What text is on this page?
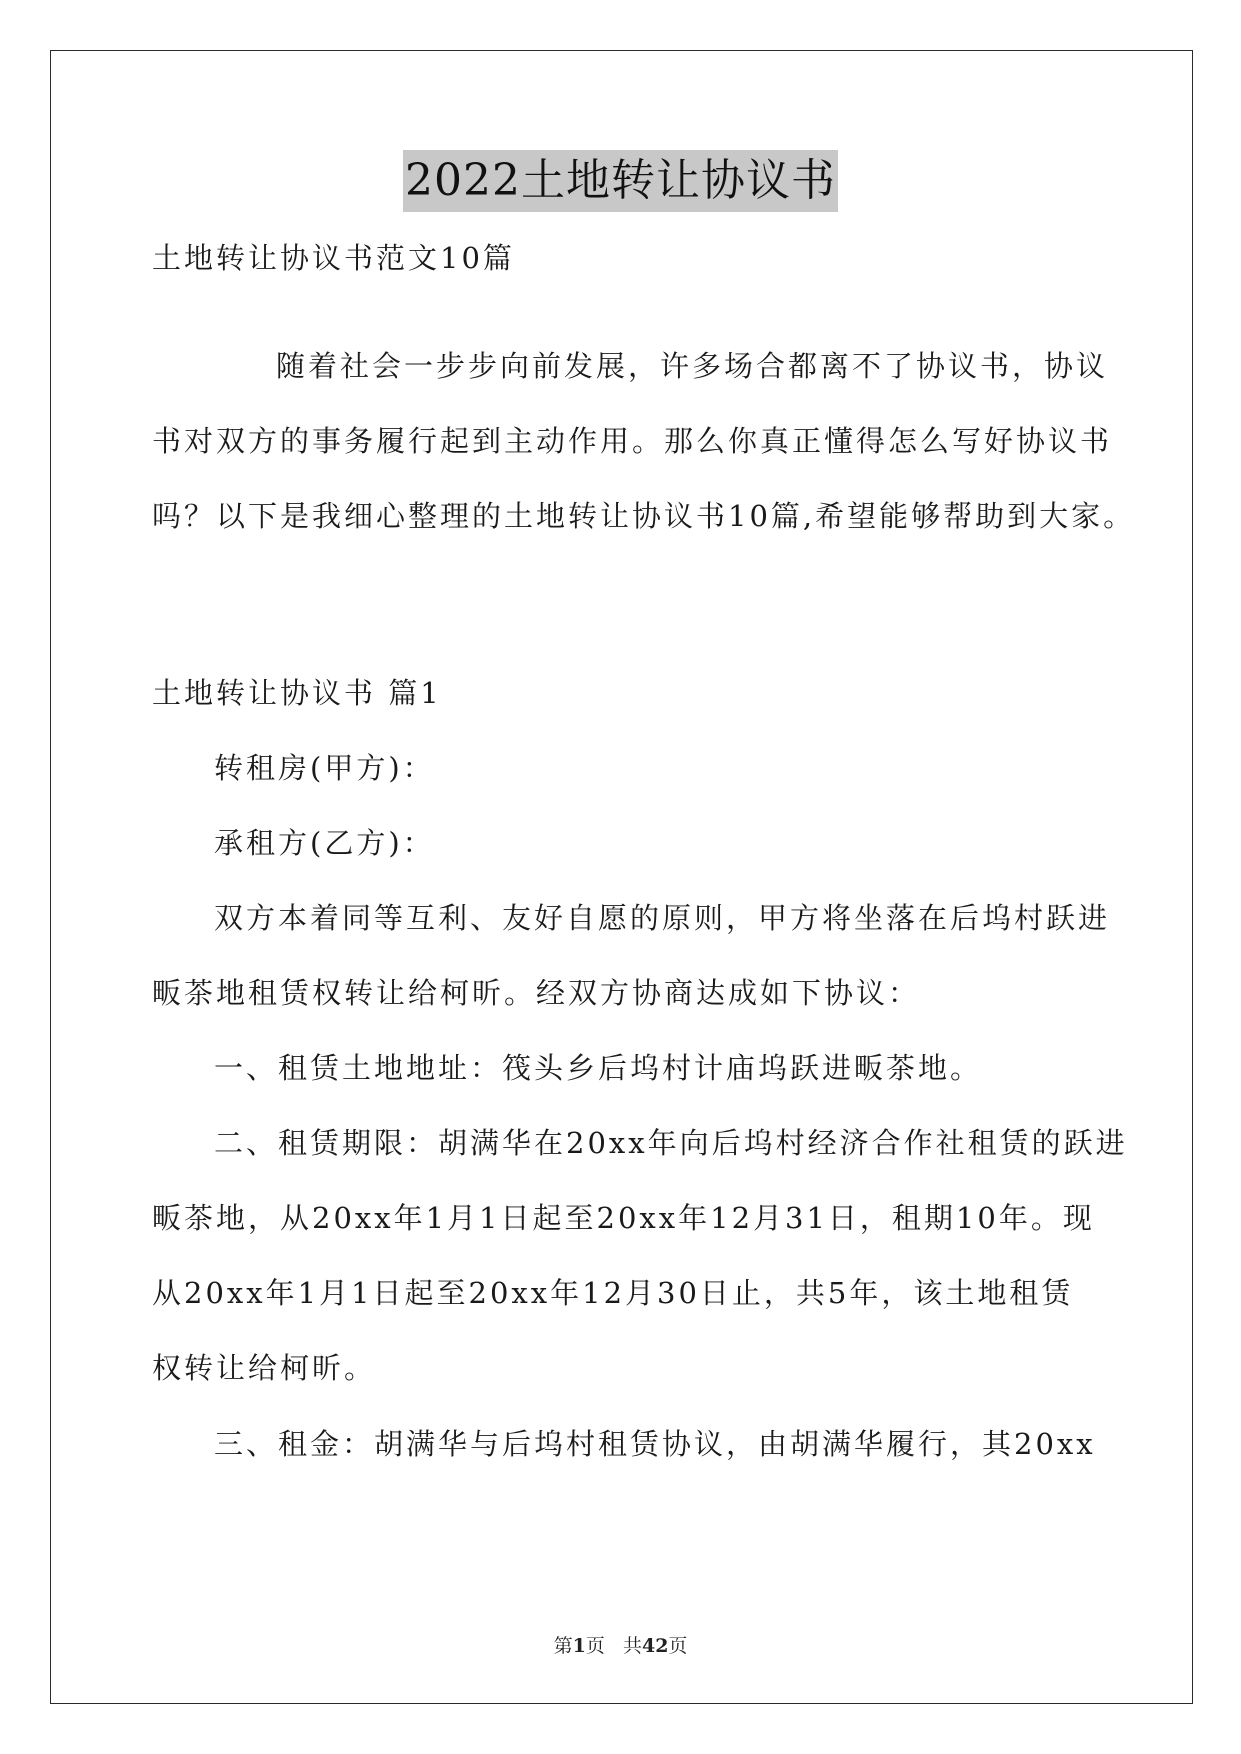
2022土地转让协议书
土地转让协议书范文10篇
随着社会一步步向前发展，许多场合都离不了协议书，协议
书对双方的事务履行起到主动作用。那么你真正懂得怎么写好协议书
吗？以下是我细心整理的土地转让协议书10篇,希望能够帮助到大家。
土地转让协议书 篇1
转租房(甲方)：
承租方(乙方)：
双方本着同等互利、友好自愿的原则，甲方将坐落在后坞村跃进
畈茶地租赁权转让给柯昕。经双方协商达成如下协议：
一、租赁土地地址：筏头乡后坞村计庙坞跃进畈茶地。
二、租赁期限：胡满华在20xx年向后坞村经济合作社租赁的跃进
畈茶地，从20xx年1月1日起至20xx年12月31日，租期10年。现
从20xx年1月1日起至20xx年12月30日止，共5年，该土地租赁
权转让给柯昕。
三、租金：胡满华与后坞村租赁协议，由胡满华履行，其20xx
第1页 共42页
